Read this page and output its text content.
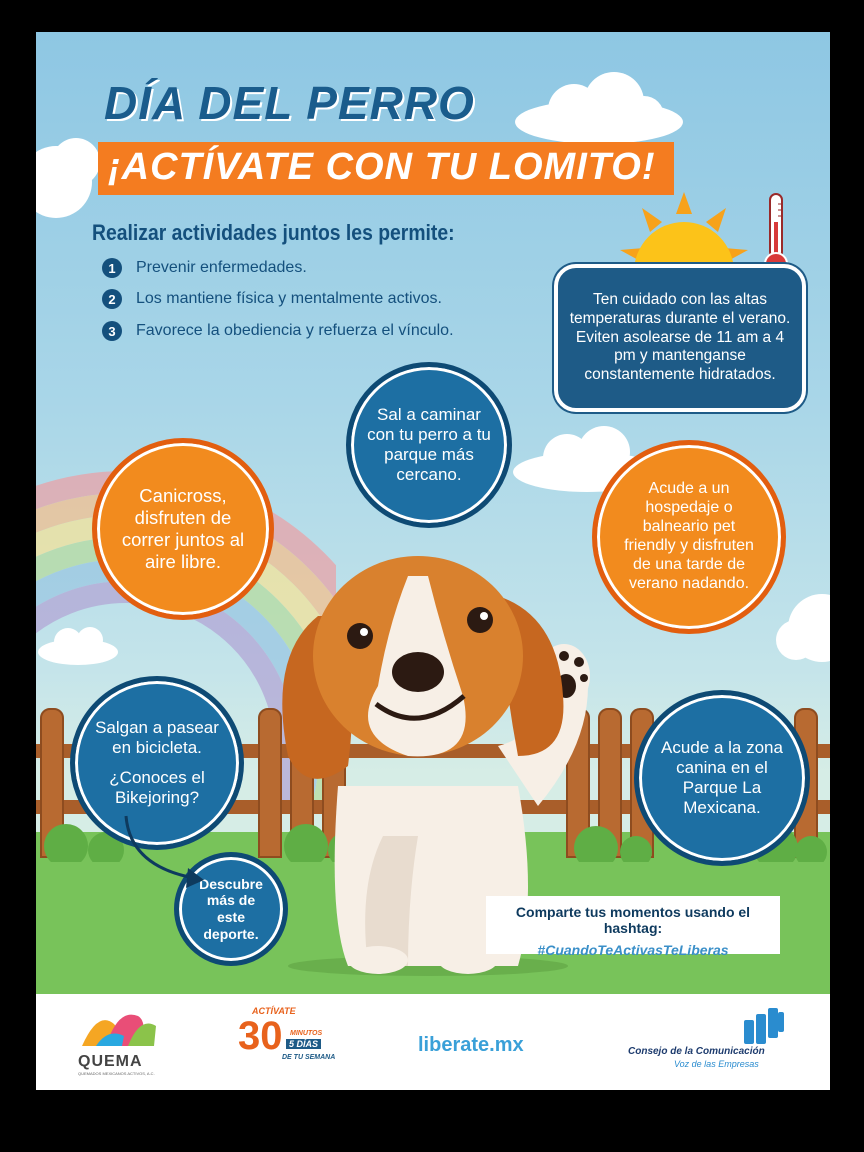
DÍA DEL PERRO
¡ACTÍVATE CON TU LOMITO!
Realizar actividades juntos les permite:
1	Prevenir enfermedades.
2	Los mantiene física y mentalmente activos.
3	Favorece la obediencia y refuerza el vínculo.
Ten cuidado con las altas temperaturas durante el verano. Eviten asolearse de 11 am a 4 pm y mantenganse constantemente hidratados.
Sal a caminar con tu perro a tu parque más cercano.
Canicross, disfruten de correr juntos al aire libre.
Acude a un hospedaje o balneario pet friendly y disfruten de una tarde de verano nadando.
Salgan a pasear en bicicleta.
¿Conoces el Bikejoring?
Descubre más de este deporte.
Acude a la zona canina en el Parque La Mexicana.
Comparte tus momentos usando el hashtag:
#CuandoTeActivasTeLiberas
QUEMA
QUEMADOS MEXICANOS ACTIVOS, A.C.
ACTÍVATE
30	MINUTOS
5 DÍAS
DE TU SEMANA
liberate.mx	Consejo de la Comunicación
Voz de las Empresas
